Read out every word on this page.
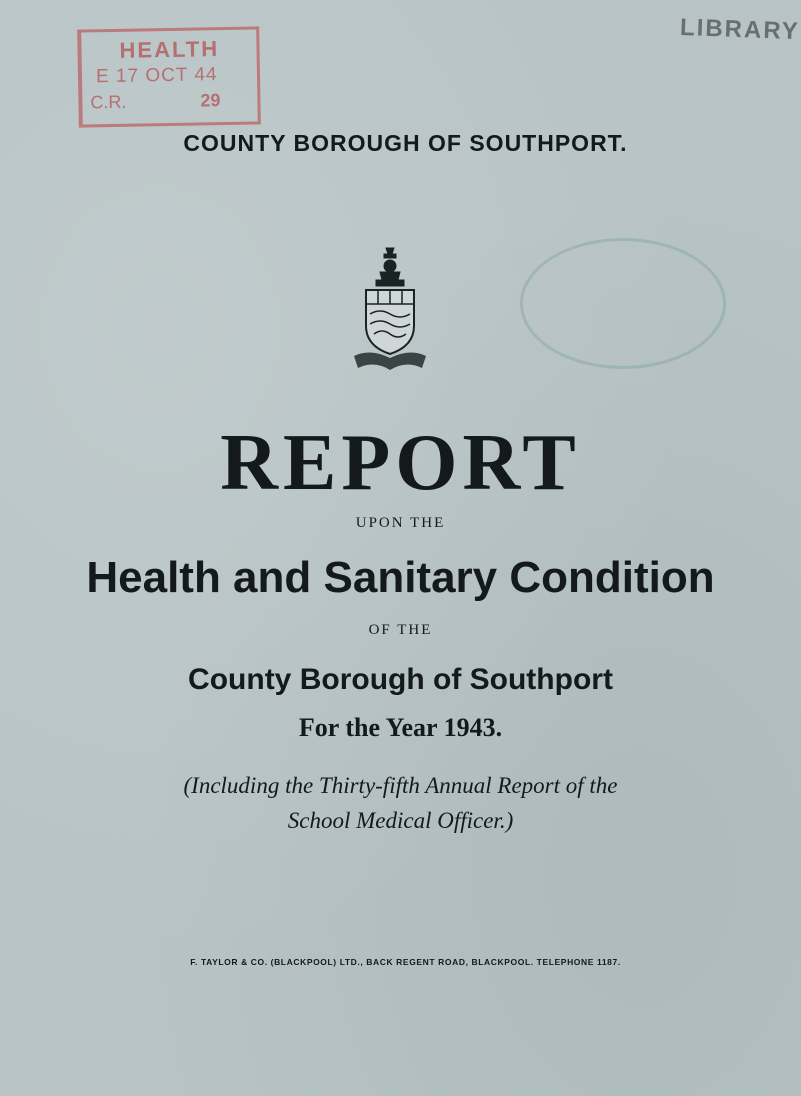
HEALTH
E 17 OCT 44
C.R.	29
LIBRARY
COUNTY BOROUGH OF SOUTHPORT.
REPORT
UPON THE
Health and Sanitary Condition
OF THE
County Borough of Southport
For the Year 1943.
(Including the Thirty-fifth Annual Report of the
School Medical Officer.)
F. TAYLOR & CO. (BLACKPOOL) LTD., BACK REGENT ROAD, BLACKPOOL. TELEPHONE 1187.
